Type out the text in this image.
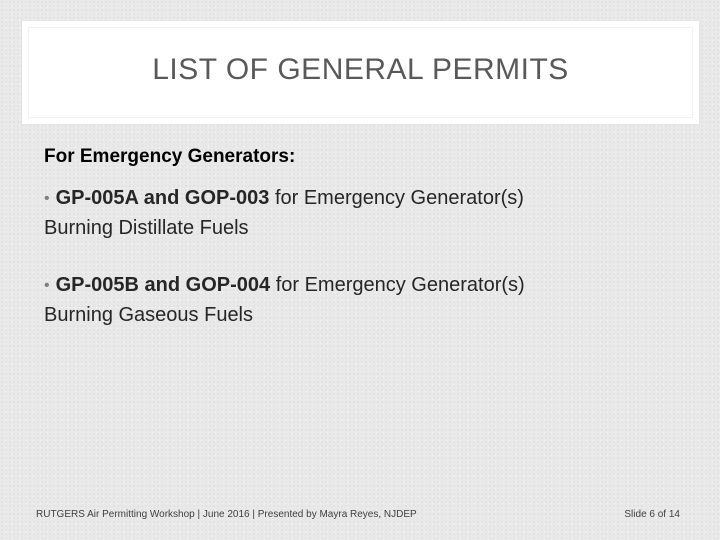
LIST OF GENERAL PERMITS
For Emergency Generators:
• GP-005A and GOP-003 for Emergency Generator(s)
Burning Distillate Fuels
• GP-005B and GOP-004 for Emergency Generator(s)
Burning Gaseous Fuels
RUTGERS Air Permitting Workshop | June 2016 | Presented by Mayra Reyes, NJDEP	Slide 6 of 14
